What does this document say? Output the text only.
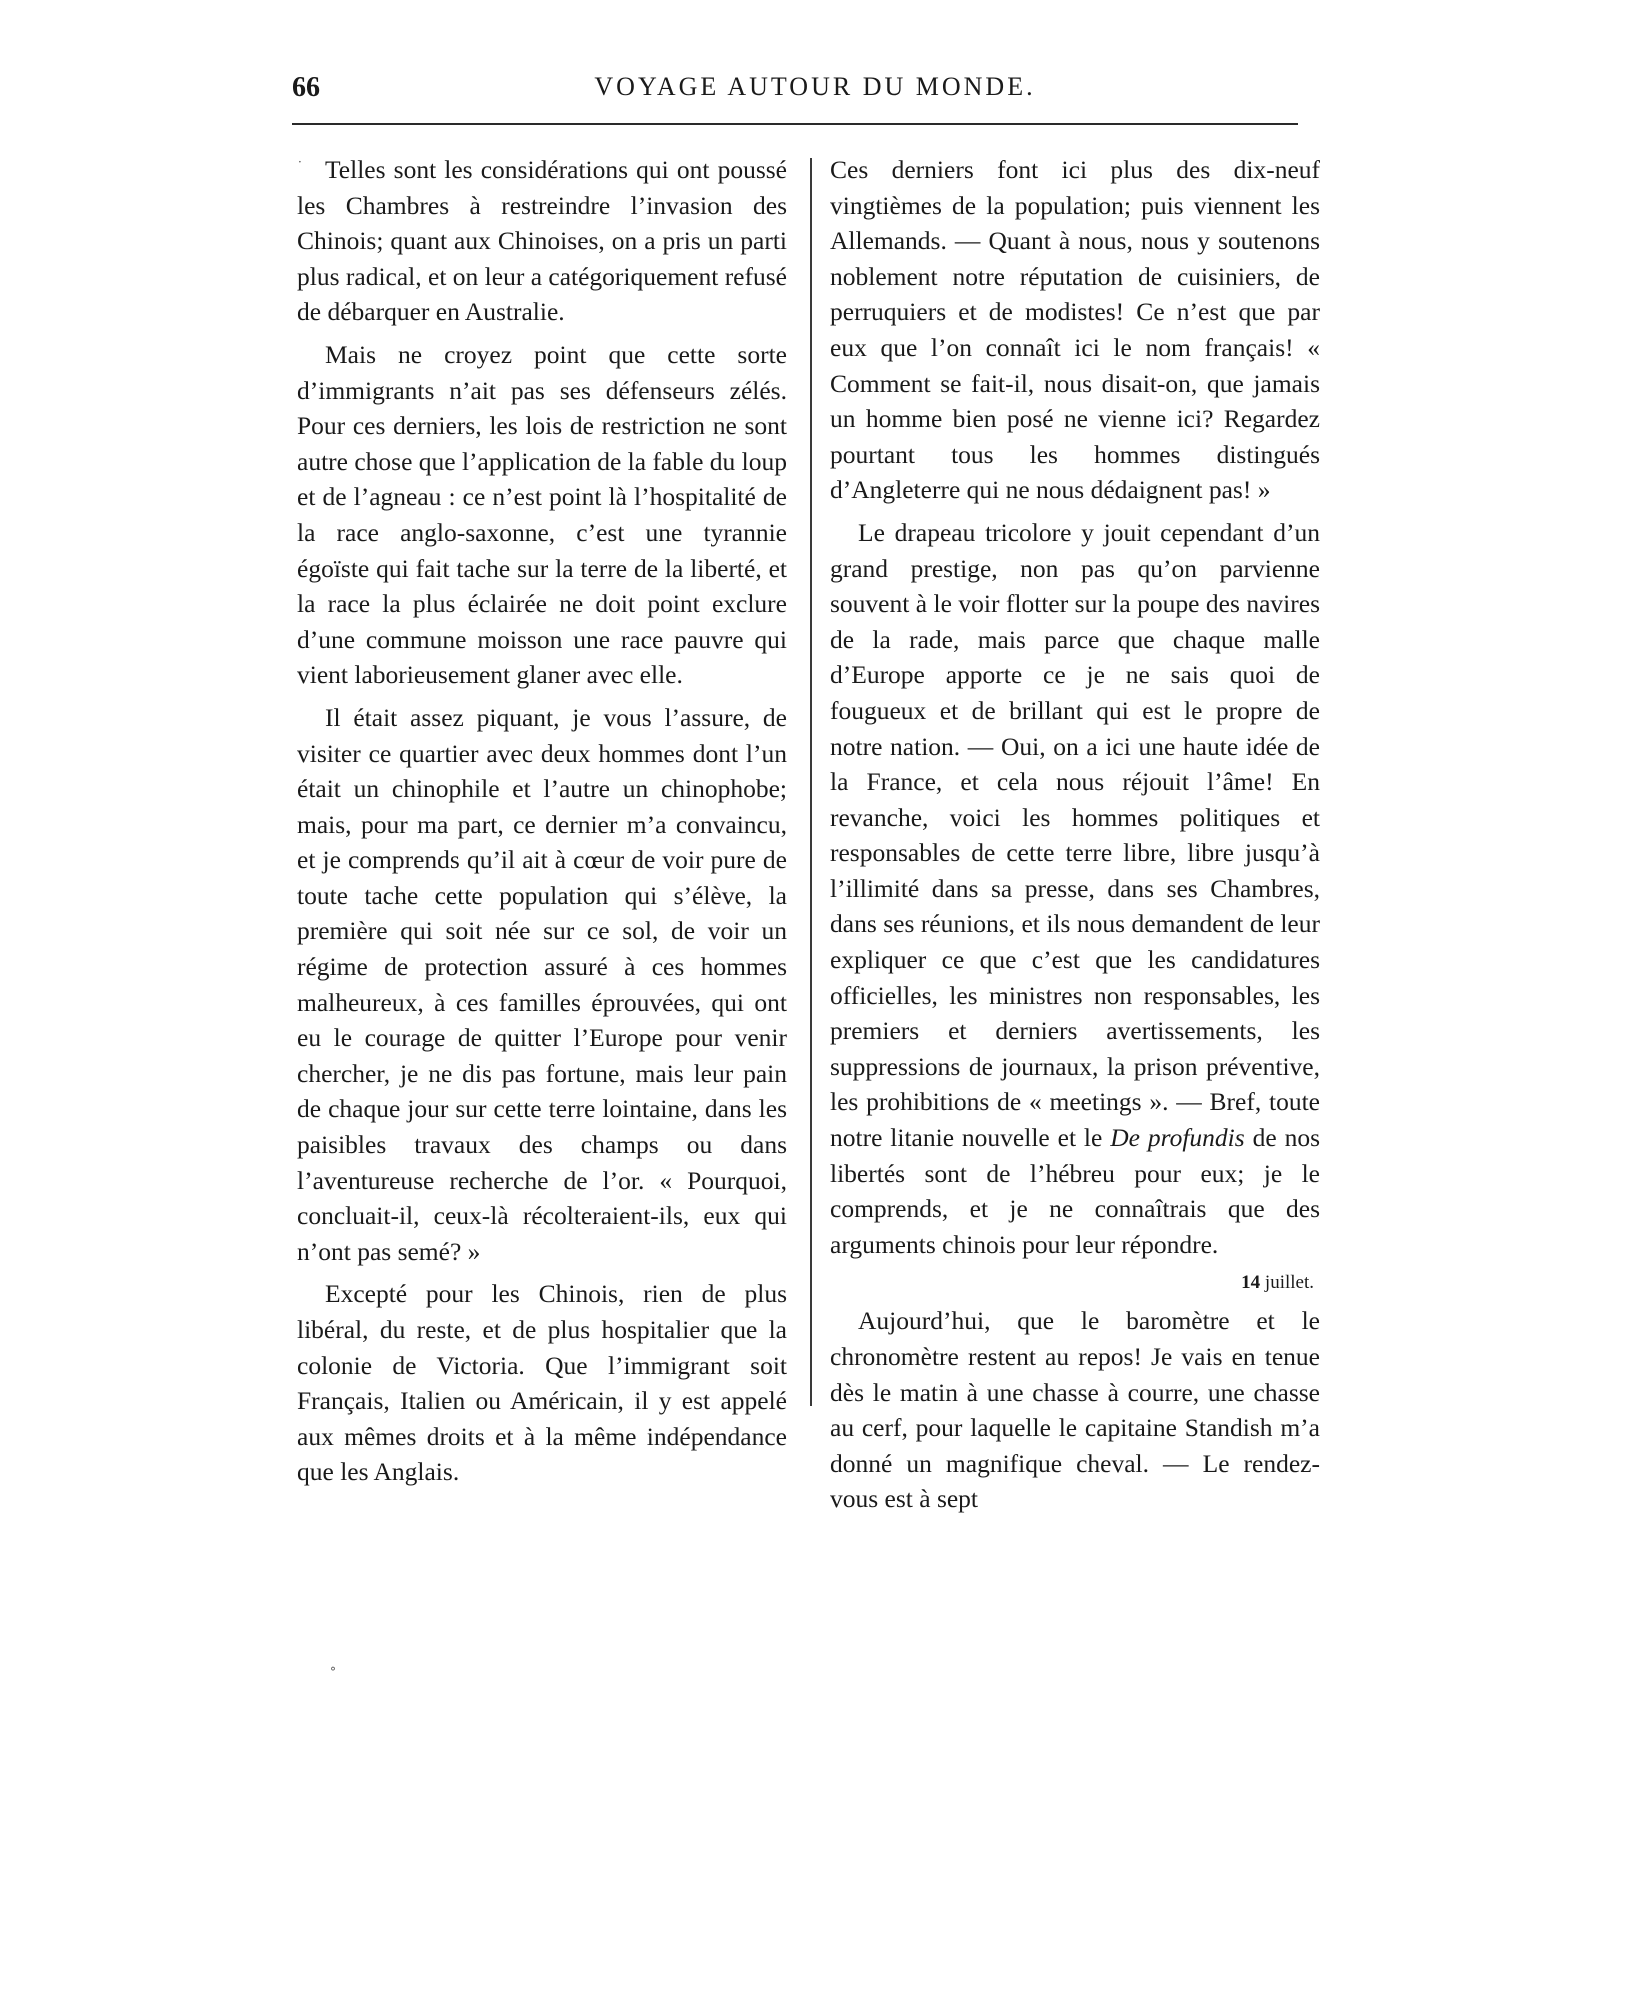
66	VOYAGE AUTOUR DU MONDE.

Telles sont les considérations qui ont poussé les Chambres à restreindre l’invasion des Chinois; quant aux Chinoises, on a pris un parti plus radical, et on leur a catégoriquement refusé de débarquer en Australie.

Mais ne croyez point que cette sorte d’immigrants n’ait pas ses défenseurs zélés. Pour ces derniers, les lois de restriction ne sont autre chose que l’application de la fable du loup et de l’agneau : ce n’est point là l’hospitalité de la race anglo-saxonne, c’est une tyrannie égoïste qui fait tache sur la terre de la liberté, et la race la plus éclairée ne doit point exclure d’une commune moisson une race pauvre qui vient laborieusement glaner avec elle.

Il était assez piquant, je vous l’assure, de visiter ce quartier avec deux hommes dont l’un était un chinophile et l’autre un chinophobe; mais, pour ma part, ce dernier m’a convaincu, et je comprends qu’il ait à cœur de voir pure de toute tache cette population qui s’élève, la première qui soit née sur ce sol, de voir un régime de protection assuré à ces hommes malheureux, à ces familles éprouvées, qui ont eu le courage de quitter l’Europe pour venir chercher, je ne dis pas fortune, mais leur pain de chaque jour sur cette terre lointaine, dans les paisibles travaux des champs ou dans l’aventureuse recherche de l’or. « Pourquoi, concluait-il, ceux-là récolteraient-ils, eux qui n’ont pas semé? »

Excepté pour les Chinois, rien de plus libéral, du reste, et de plus hospitalier que la colonie de Victoria. Que l’immigrant soit Français, Italien ou Américain, il y est appelé aux mêmes droits et à la même indépendance que les Anglais.

Ces derniers font ici plus des dix-neuf vingtièmes de la population; puis viennent les Allemands. — Quant à nous, nous y soutenons noblement notre réputation de cuisiniers, de perruquiers et de modistes! Ce n’est que par eux que l’on connaît ici le nom français! « Comment se fait-il, nous disait-on, que jamais un homme bien posé ne vienne ici? Regardez pourtant tous les hommes distingués d’Angleterre qui ne nous dédaignent pas! »

Le drapeau tricolore y jouit cependant d’un grand prestige, non pas qu’on parvienne souvent à le voir flotter sur la poupe des navires de la rade, mais parce que chaque malle d’Europe apporte ce je ne sais quoi de fougueux et de brillant qui est le propre de notre nation. — Oui, on a ici une haute idée de la France, et cela nous réjouit l’âme! En revanche, voici les hommes politiques et responsables de cette terre libre, libre jusqu’à l’illimité dans sa presse, dans ses Chambres, dans ses réunions, et ils nous demandent de leur expliquer ce que c’est que les candidatures officielles, les ministres non responsables, les premiers et derniers avertissements, les suppressions de journaux, la prison préventive, les prohibitions de « meetings ». — Bref, toute notre litanie nouvelle et le De profundis de nos libertés sont de l’hébreu pour eux; je le comprends, et je ne connaîtrais que des arguments chinois pour leur répondre.

14 juillet.

Aujourd’hui, que le baromètre et le chronomètre restent au repos! Je vais en tenue dès le matin à une chasse à courre, une chasse au cerf, pour laquelle le capitaine Standish m’a donné un magnifique cheval. — Le rendez-vous est à sept

·
°
